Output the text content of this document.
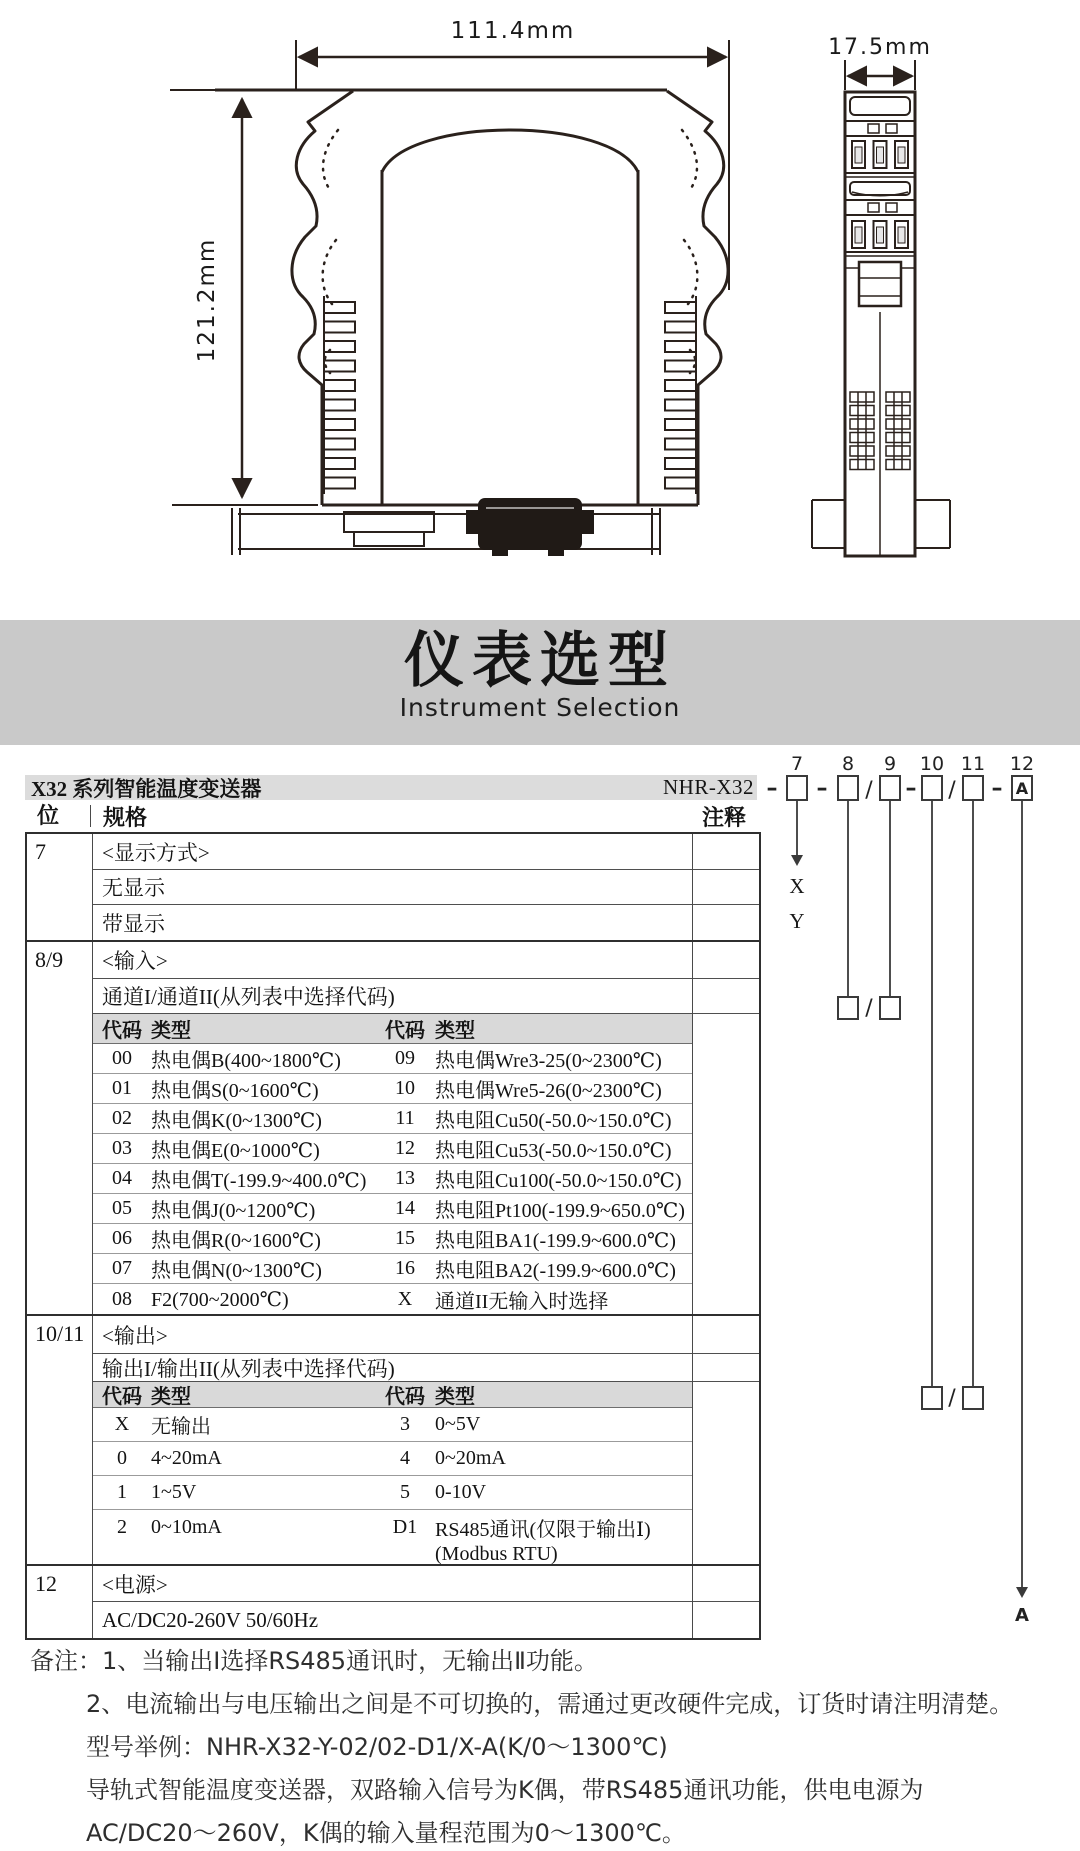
111.4mm
121.2mm
17.5mm

仪表选型

Instrument Selection

X32 系列智能温度变送器	NHR-X32
位	规格	注释
7	<显示方式>
无显示
带显示
8/9	<输入>
通道I/通道II(从列表中选择代码)
代码 类型	代码 类型
00 热电偶B(400~1800℃)	09	热电偶Wre3-25(0~2300℃)
01 热电偶S(0~1600℃)	10	热电偶Wre5-26(0~2300℃)
02 热电偶K(0~1300℃)	11	热电阻Cu50(-50.0~150.0℃)
03 热电偶E(0~1000℃)	12	热电阻Cu53(-50.0~150.0℃)
04 热电偶T(-199.9~400.0℃)	13	热电阻Cu100(-50.0~150.0℃)
05 热电偶J(0~1200℃)	14	热电阻Pt100(-199.9~650.0℃)
06 热电偶R(0~1600℃)	15	热电阻BA1(-199.9~600.0℃)
07 热电偶N(0~1300℃)	16	热电阻BA2(-199.9~600.0℃)
08 F2(700~2000℃)	X	通道II无输入时选择
10/11 <输出>
输出I/输出II(从列表中选择代码)
代码 类型	代码 类型
X	无输出	3	0~5V
0	4~20mA	4	0~20mA
1	1~5V	5	0-10V
2	0~10mA	D1 RS485通讯(仅限于输出Ⅰ)
(Modbus RTU)
12	<电源>
AC/DC20-260V 50/60Hz
7 8 9 10 11 12
– – / – / –
/
/
A
X
Y
A
备注：1、当输出Ⅰ选择RS485通讯时，无输出Ⅱ功能。
2、电流输出与电压输出之间是不可切换的，需通过更改硬件完成，订货时请注明清楚。
型号举例：NHR-X32-Y-02/02-D1/X-A(K/0～1300℃)
导轨式智能温度变送器，双路输入信号为K偶，带RS485通讯功能，供电电源为
AC/DC20～260V，K偶的输入量程范围为0～1300℃。
